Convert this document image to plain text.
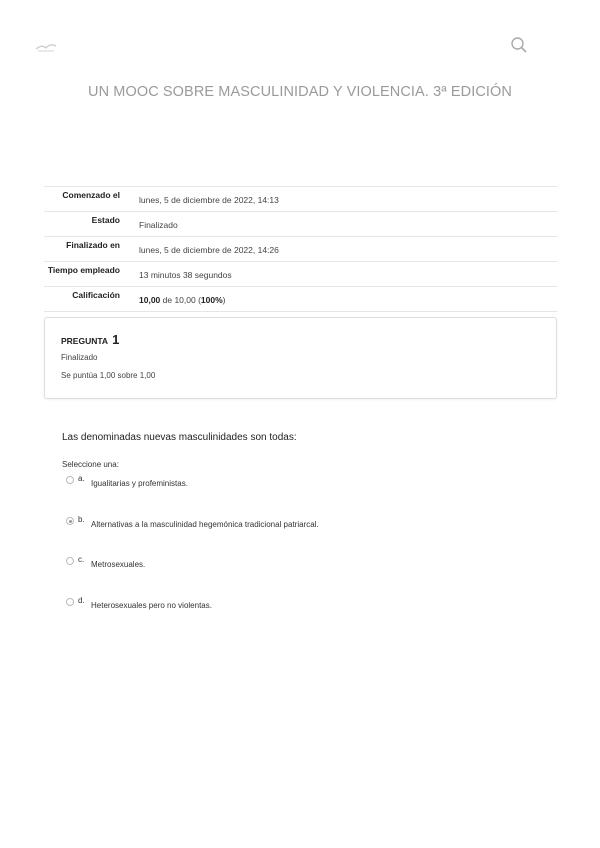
UN MOOC SOBRE MASCULINIDAD Y VIOLENCIA. 3ª EDICIÓN
Comenzado el	lunes, 5 de diciembre de 2022, 14:13
Estado	Finalizado
Finalizado en	lunes, 5 de diciembre de 2022, 14:26
Tiempo empleado	13 minutos 38 segundos
Calificación	10,00 de 10,00 (100%)
PREGUNTA 1
Finalizado
Se puntúa 1,00 sobre 1,00
Las denominadas nuevas masculinidades son todas:
Seleccione una:
a.
Igualitarias y profeministas.
b.
Alternativas a la masculinidad hegemónica tradicional patriarcal.
c.
Metrosexuales.
d.
Heterosexuales pero no violentas.
